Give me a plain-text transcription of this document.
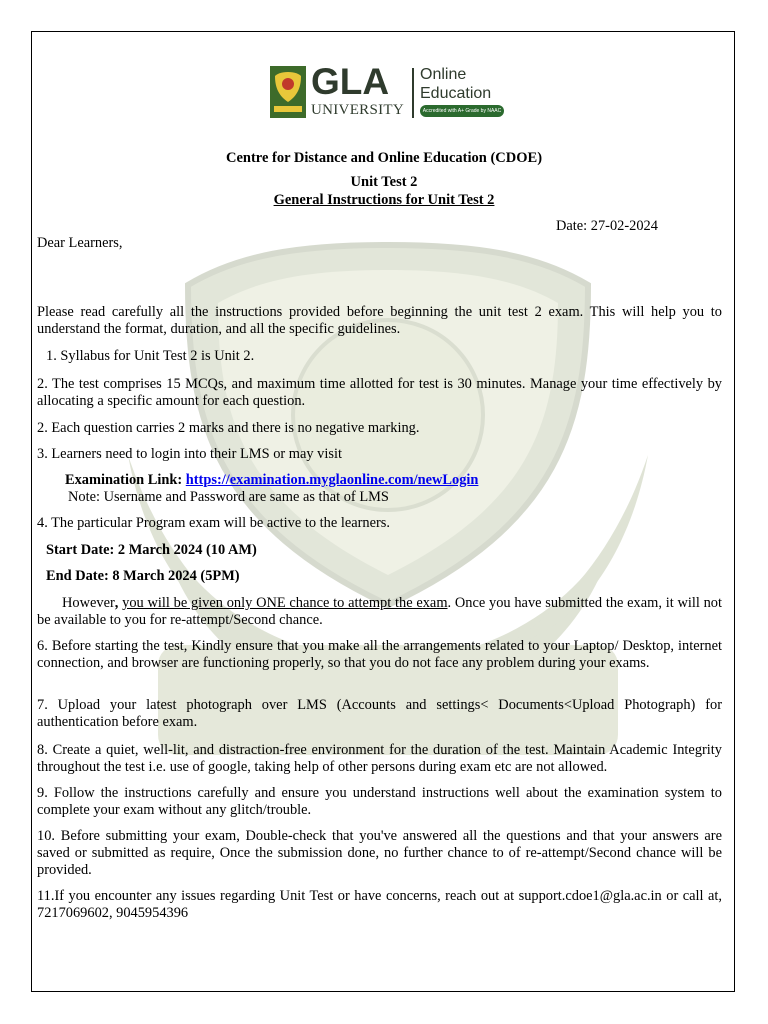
GLA
UNIVERSITY
Online
Education
Accredited with A+ Grade by NAAC
Centre for Distance and Online Education (CDOE)
Unit Test 2
General Instructions for Unit Test 2
Date: 27-02-2024
Dear Learners,
Please read carefully all the instructions provided before beginning the unit test 2 exam. This will help you to understand the format, duration, and all the specific guidelines.
1. Syllabus for Unit Test 2 is Unit 2.
2. The test comprises 15 MCQs, and maximum time allotted for test is 30 minutes. Manage your time effectively by allocating a specific amount for each question.
2. Each question carries 2 marks and there is no negative marking.
3. Learners need to login into their LMS or may visit
Examination Link: https://examination.myglaonline.com/newLogin
Note: Username and Password are same as that of LMS
4. The particular Program exam will be active to the learners.
Start Date: 2 March 2024 (10 AM)
End Date: 8 March 2024 (5PM)
However, you will be given only ONE chance to attempt the exam. Once you have submitted the exam, it will not be available to you for re-attempt/Second chance.
6. Before starting the test, Kindly ensure that you make all the arrangements related to your Laptop/ Desktop, internet connection, and browser are functioning properly, so that you do not face any problem during your exams.
7. Upload your latest photograph over LMS (Accounts and settings< Documents<Upload Photograph) for authentication before exam.
8. Create a quiet, well-lit, and distraction-free environment for the duration of the test. Maintain Academic Integrity throughout the test i.e. use of google, taking help of other persons during exam etc are not allowed.
9. Follow the instructions carefully and ensure you understand instructions well about the examination system to complete your exam without any glitch/trouble.
10. Before submitting your exam, Double-check that you've answered all the questions and that your answers are saved or submitted as require, Once the submission done, no further chance to of re-attempt/Second chance will be provided.
11.If you encounter any issues regarding Unit Test or have concerns, reach out at support.cdoe1@gla.ac.in or call at, 7217069602, 9045954396
